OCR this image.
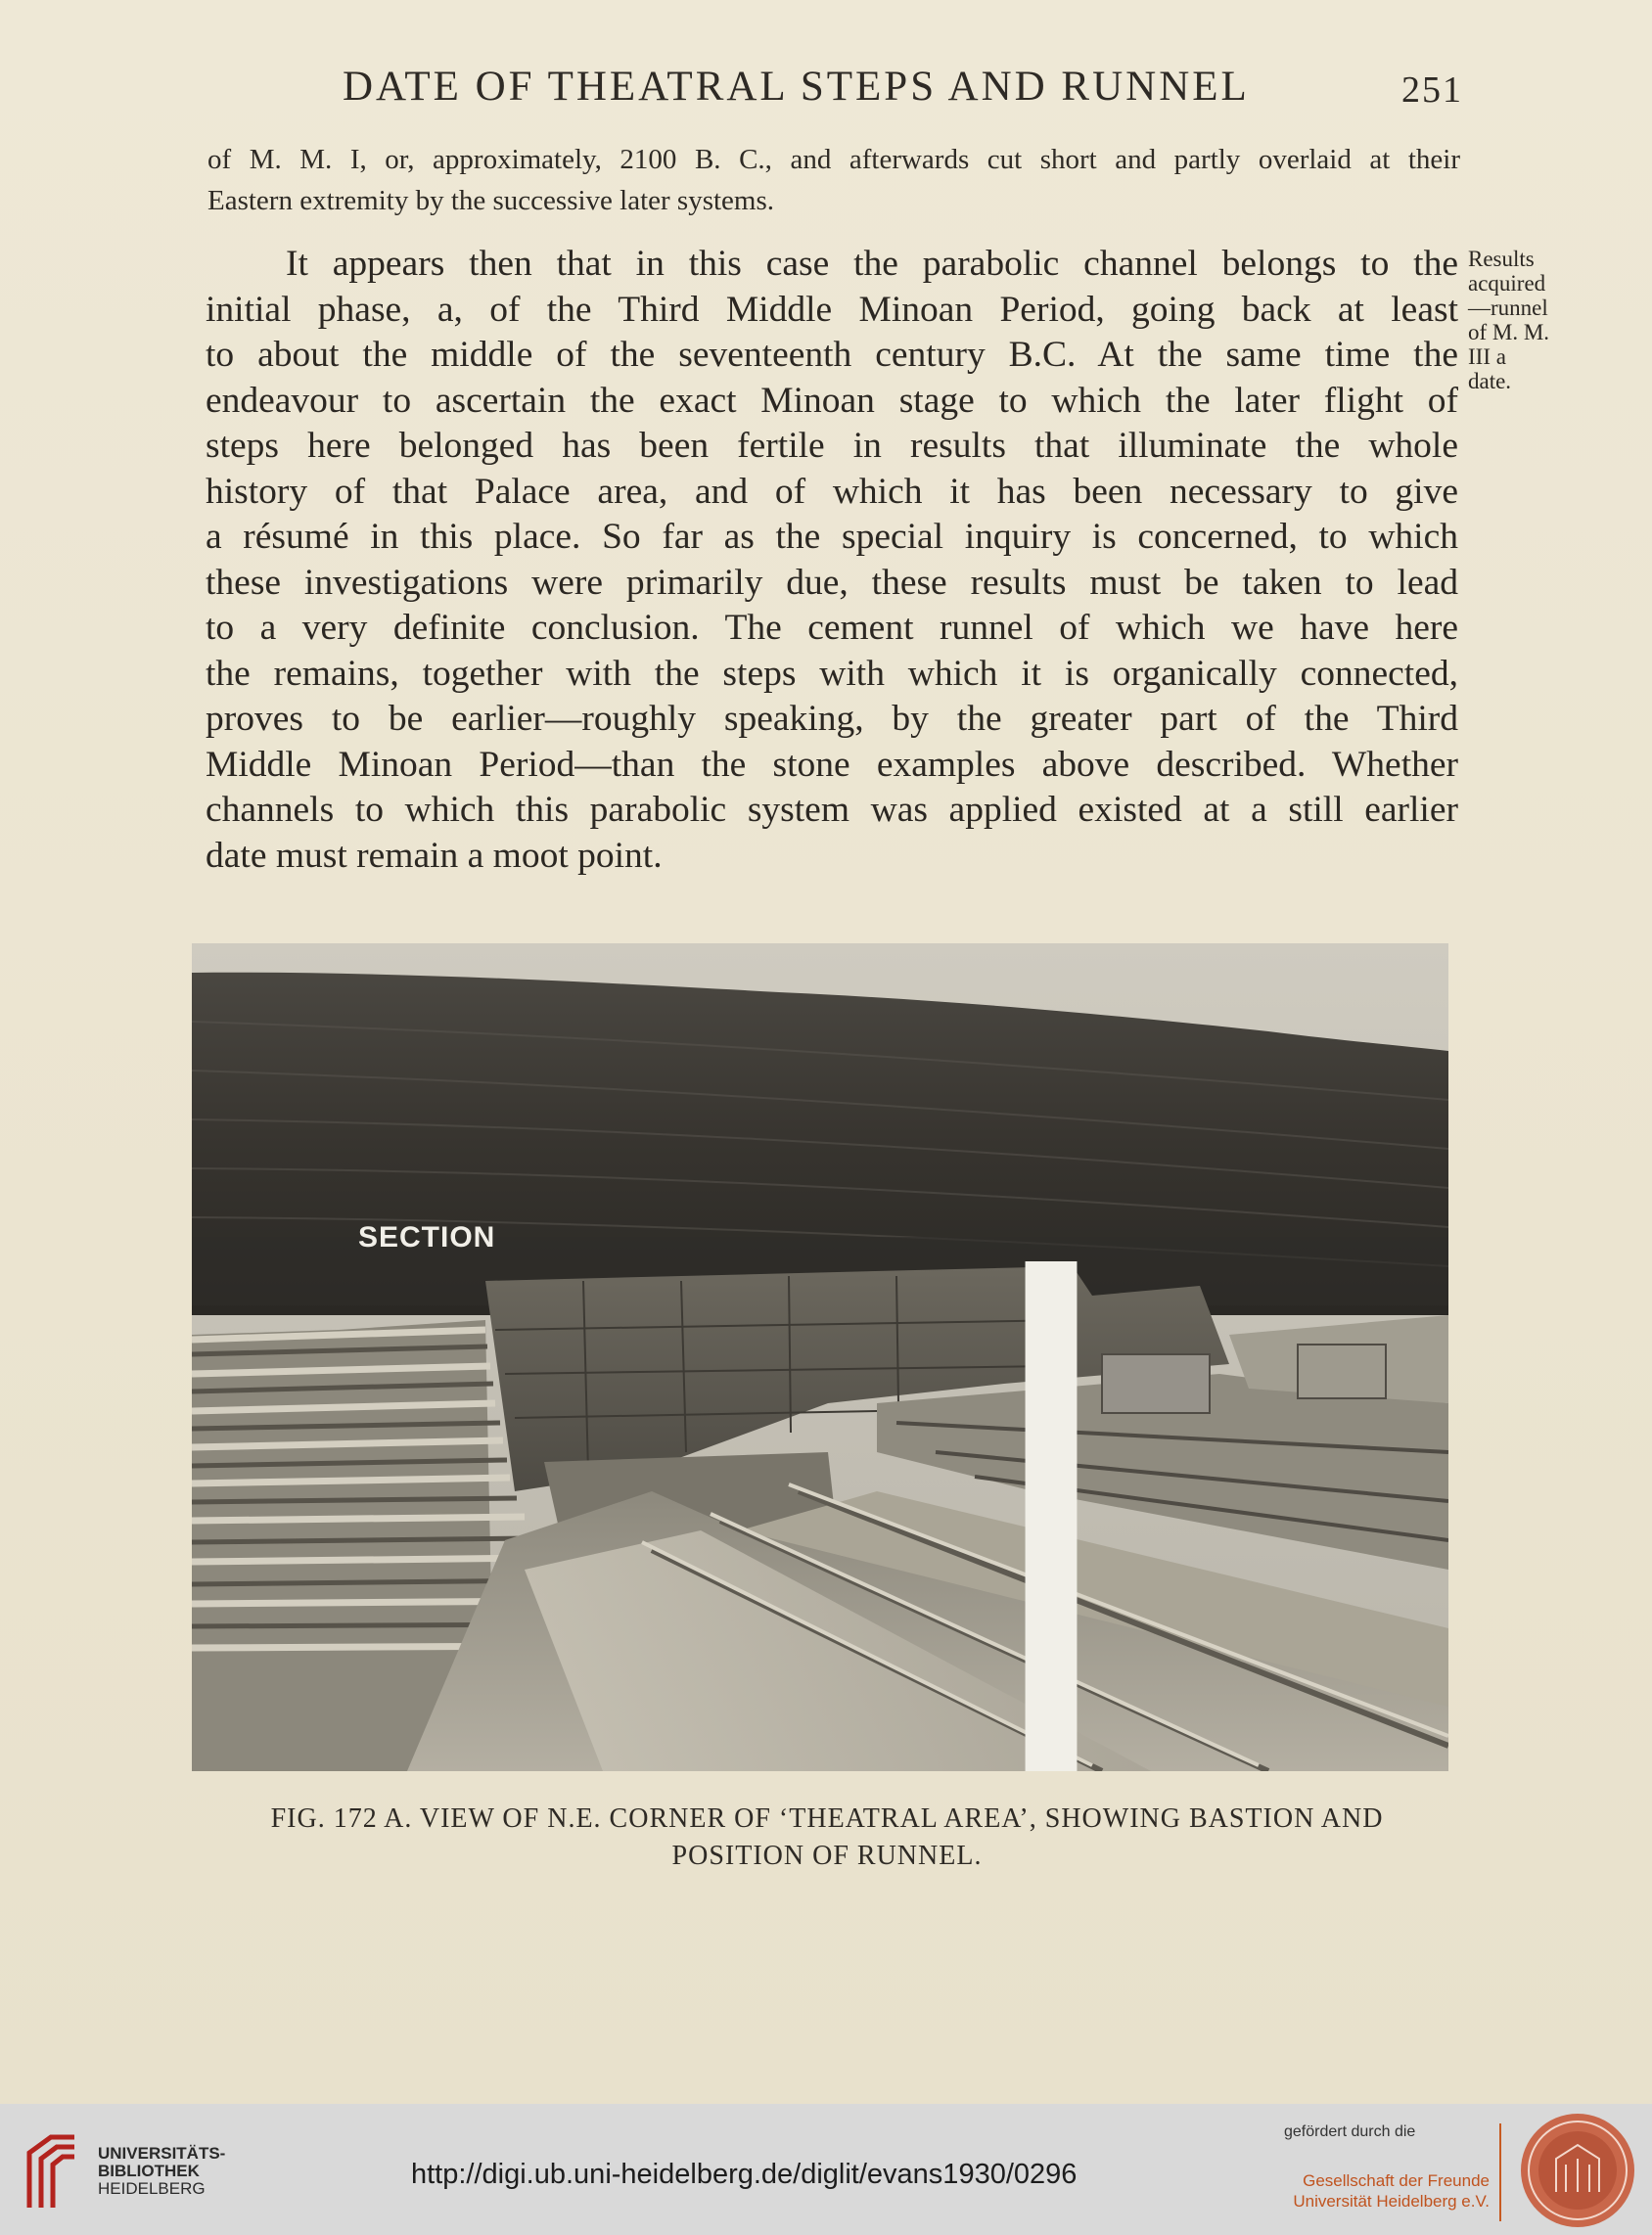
DATE OF THEATRAL STEPS AND RUNNEL	251
of M. M. I, or, approximately, 2100 B. C., and afterwards cut short and partly overlaid at their
Eastern extremity by the successive later systems.
It appears then that in this case the parabolic channel belongs to the
initial phase, a, of the Third Middle Minoan Period, going back at least
to about the middle of the seventeenth century B.C. At the same time the
endeavour to ascertain the exact Minoan stage to which the later flight of
steps here belonged has been fertile in results that illuminate the whole
history of that Palace area, and of which it has been necessary to give
a résumé in this place. So far as the special inquiry is concerned, to which
these investigations were primarily due, these results must be taken to lead
to a very definite conclusion. The cement runnel of which we have here
the remains, together with the steps with which it is organically connected,
proves to be earlier—roughly speaking, by the greater part of the Third
Middle Minoan Period—than the stone examples above described. Whether
channels to which this parabolic system was applied existed at a still earlier
date must remain a moot point.
Results
acquired
—runnel
of M. M.
III a
date.
SECTION
FIG. 172 A. VIEW OF N.E. CORNER OF ‘THEATRAL AREA’, SHOWING BASTION AND
POSITION OF RUNNEL.
UNIVERSITÄTS-
BIBLIOTHEK
HEIDELBERG	http://digi.ub.uni-heidelberg.de/diglit/evans1930/0296
gefördert durch die
Gesellschaft der Freunde
Universität Heidelberg e.V.
